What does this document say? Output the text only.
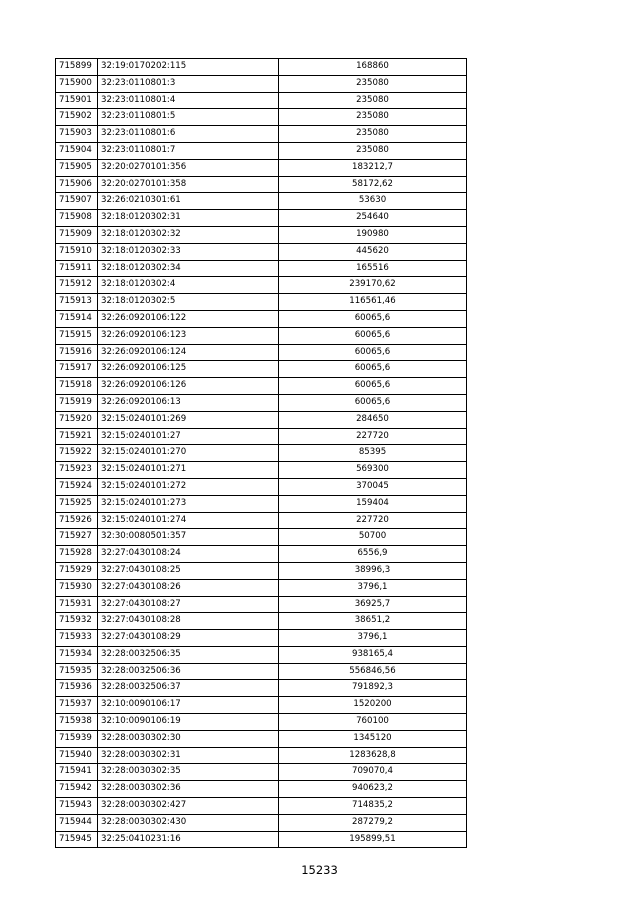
715899	32:19:0170202:115	168860
715900	32:23:0110801:3	235080
715901	32:23:0110801:4	235080
715902	32:23:0110801:5	235080
715903	32:23:0110801:6	235080
715904	32:23:0110801:7	235080
715905	32:20:0270101:356	183212,7
715906	32:20:0270101:358	58172,62
715907	32:26:0210301:61	53630
715908	32:18:0120302:31	254640
715909	32:18:0120302:32	190980
715910	32:18:0120302:33	445620
715911	32:18:0120302:34	165516
715912	32:18:0120302:4	239170,62
715913	32:18:0120302:5	116561,46
715914	32:26:0920106:122	60065,6
715915	32:26:0920106:123	60065,6
715916	32:26:0920106:124	60065,6
715917	32:26:0920106:125	60065,6
715918	32:26:0920106:126	60065,6
715919	32:26:0920106:13	60065,6
715920	32:15:0240101:269	284650
715921	32:15:0240101:27	227720
715922	32:15:0240101:270	85395
715923	32:15:0240101:271	569300
715924	32:15:0240101:272	370045
715925	32:15:0240101:273	159404
715926	32:15:0240101:274	227720
715927	32:30:0080501:357	50700
715928	32:27:0430108:24	6556,9
715929	32:27:0430108:25	38996,3
715930	32:27:0430108:26	3796,1
715931	32:27:0430108:27	36925,7
715932	32:27:0430108:28	38651,2
715933	32:27:0430108:29	3796,1
715934	32:28:0032506:35	938165,4
715935	32:28:0032506:36	556846,56
715936	32:28:0032506:37	791892,3
715937	32:10:0090106:17	1520200
715938	32:10:0090106:19	760100
715939	32:28:0030302:30	1345120
715940	32:28:0030302:31	1283628,8
715941	32:28:0030302:35	709070,4
715942	32:28:0030302:36	940623,2
715943	32:28:0030302:427	714835,2
715944	32:28:0030302:430	287279,2
715945	32:25:0410231:16	195899,51
15233
